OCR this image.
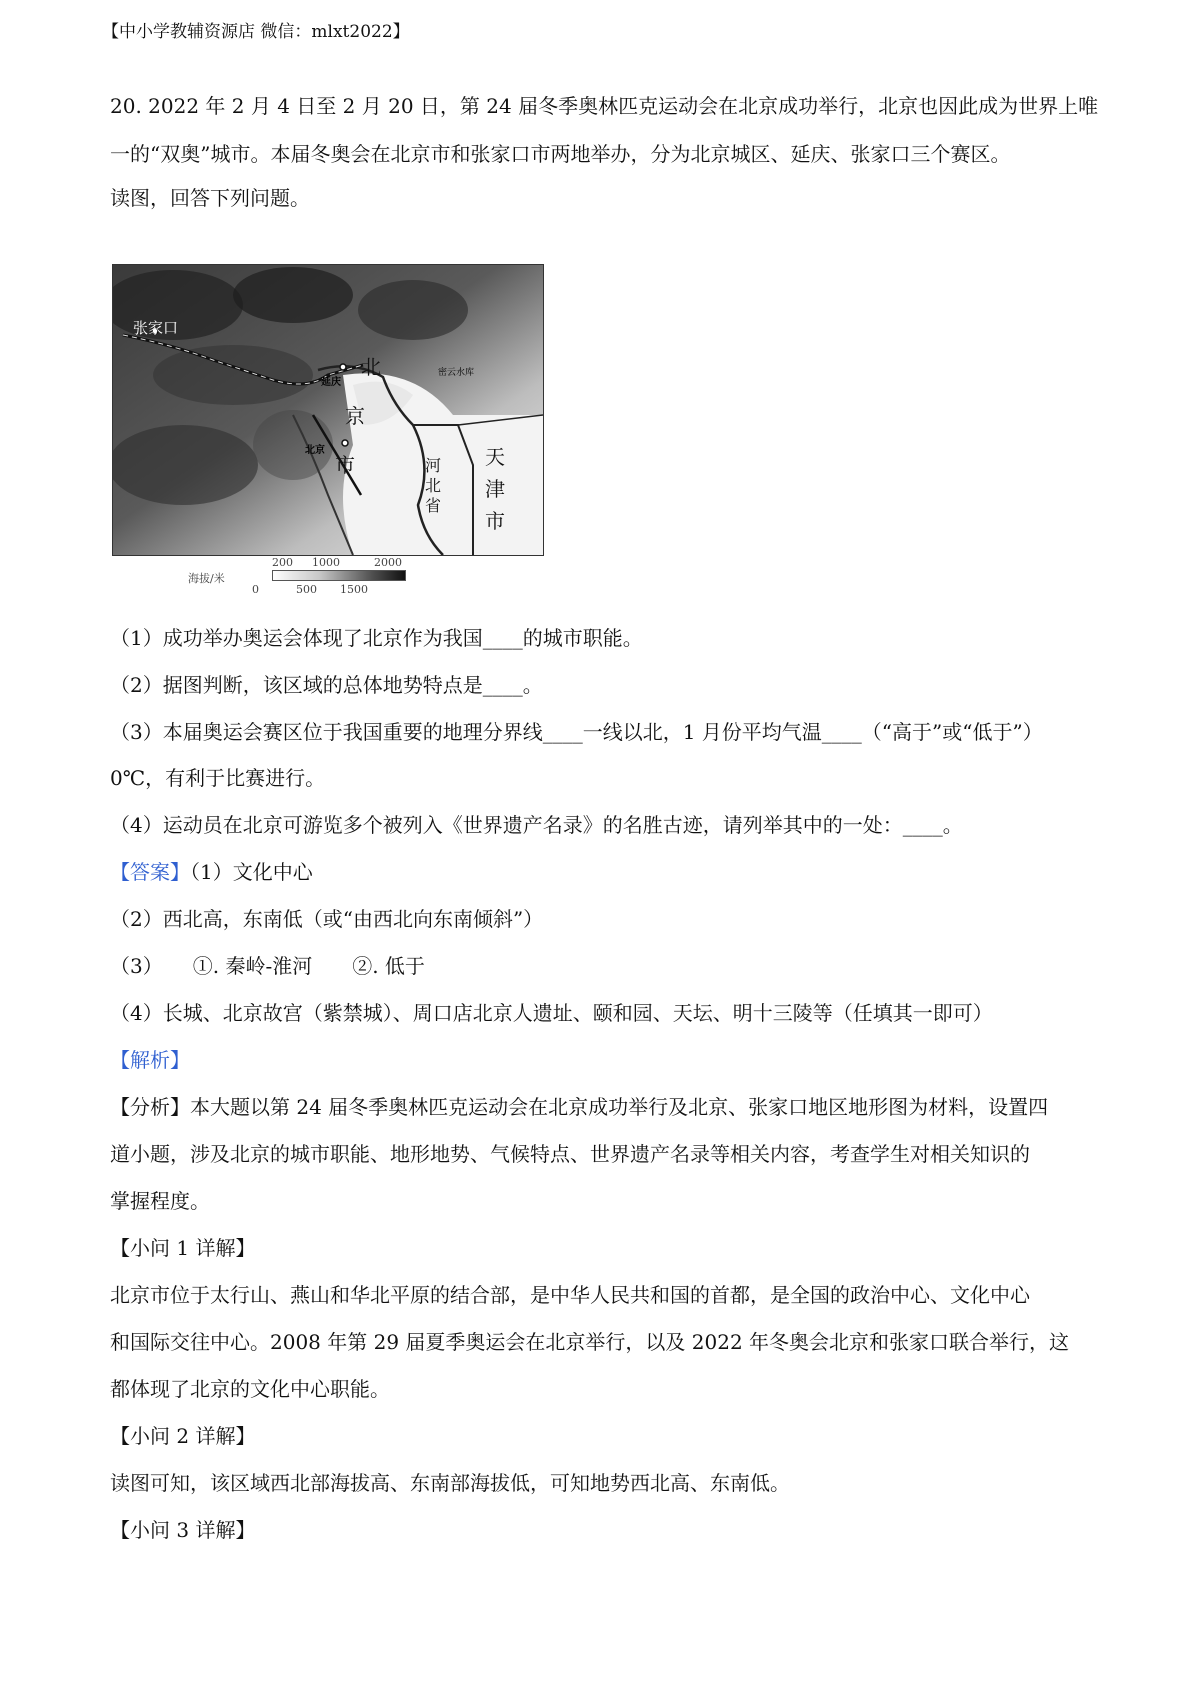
【中小学教辅资源店 微信：mlxt2022】
20. 2022 年 2 月 4 日至 2 月 20 日，第 24 届冬季奥林匹克运动会在北京成功举行，北京也因此成为世界上唯
一的“双奥”城市。本届冬奥会在北京市和张家口市两地举办，分为北京城区、延庆、张家口三个赛区。
读图，回答下列问题。
张家口
延庆
北
京
市
北京
密云水库
河
北
省
天
津
市
海拔/米
200 1000	2000
0	500 1500
（1）成功举办奥运会体现了北京作为我国____的城市职能。
（2）据图判断，该区域的总体地势特点是____。
（3）本届奥运会赛区位于我国重要的地理分界线____一线以北，1 月份平均气温____（“高于”或“低于”）
0℃，有利于比赛进行。
（4）运动员在北京可游览多个被列入《世界遗产名录》的名胜古迹，请列举其中的一处：____。
【答案】（1）文化中心
（2）西北高，东南低（或“由西北向东南倾斜”）
（3）　　①. 秦岭-淮河　　②. 低于
（4）长城、北京故宫（紫禁城）、周口店北京人遗址、颐和园、天坛、明十三陵等（任填其一即可）
【解析】
【分析】本大题以第 24 届冬季奥林匹克运动会在北京成功举行及北京、张家口地区地形图为材料，设置四
道小题，涉及北京的城市职能、地形地势、气候特点、世界遗产名录等相关内容，考查学生对相关知识的
掌握程度。
【小问 1 详解】
北京市位于太行山、燕山和华北平原的结合部，是中华人民共和国的首都，是全国的政治中心、文化中心
和国际交往中心。2008 年第 29 届夏季奥运会在北京举行，以及 2022 年冬奥会北京和张家口联合举行，这
都体现了北京的文化中心职能。
【小问 2 详解】
读图可知，该区域西北部海拔高、东南部海拔低，可知地势西北高、东南低。
【小问 3 详解】
